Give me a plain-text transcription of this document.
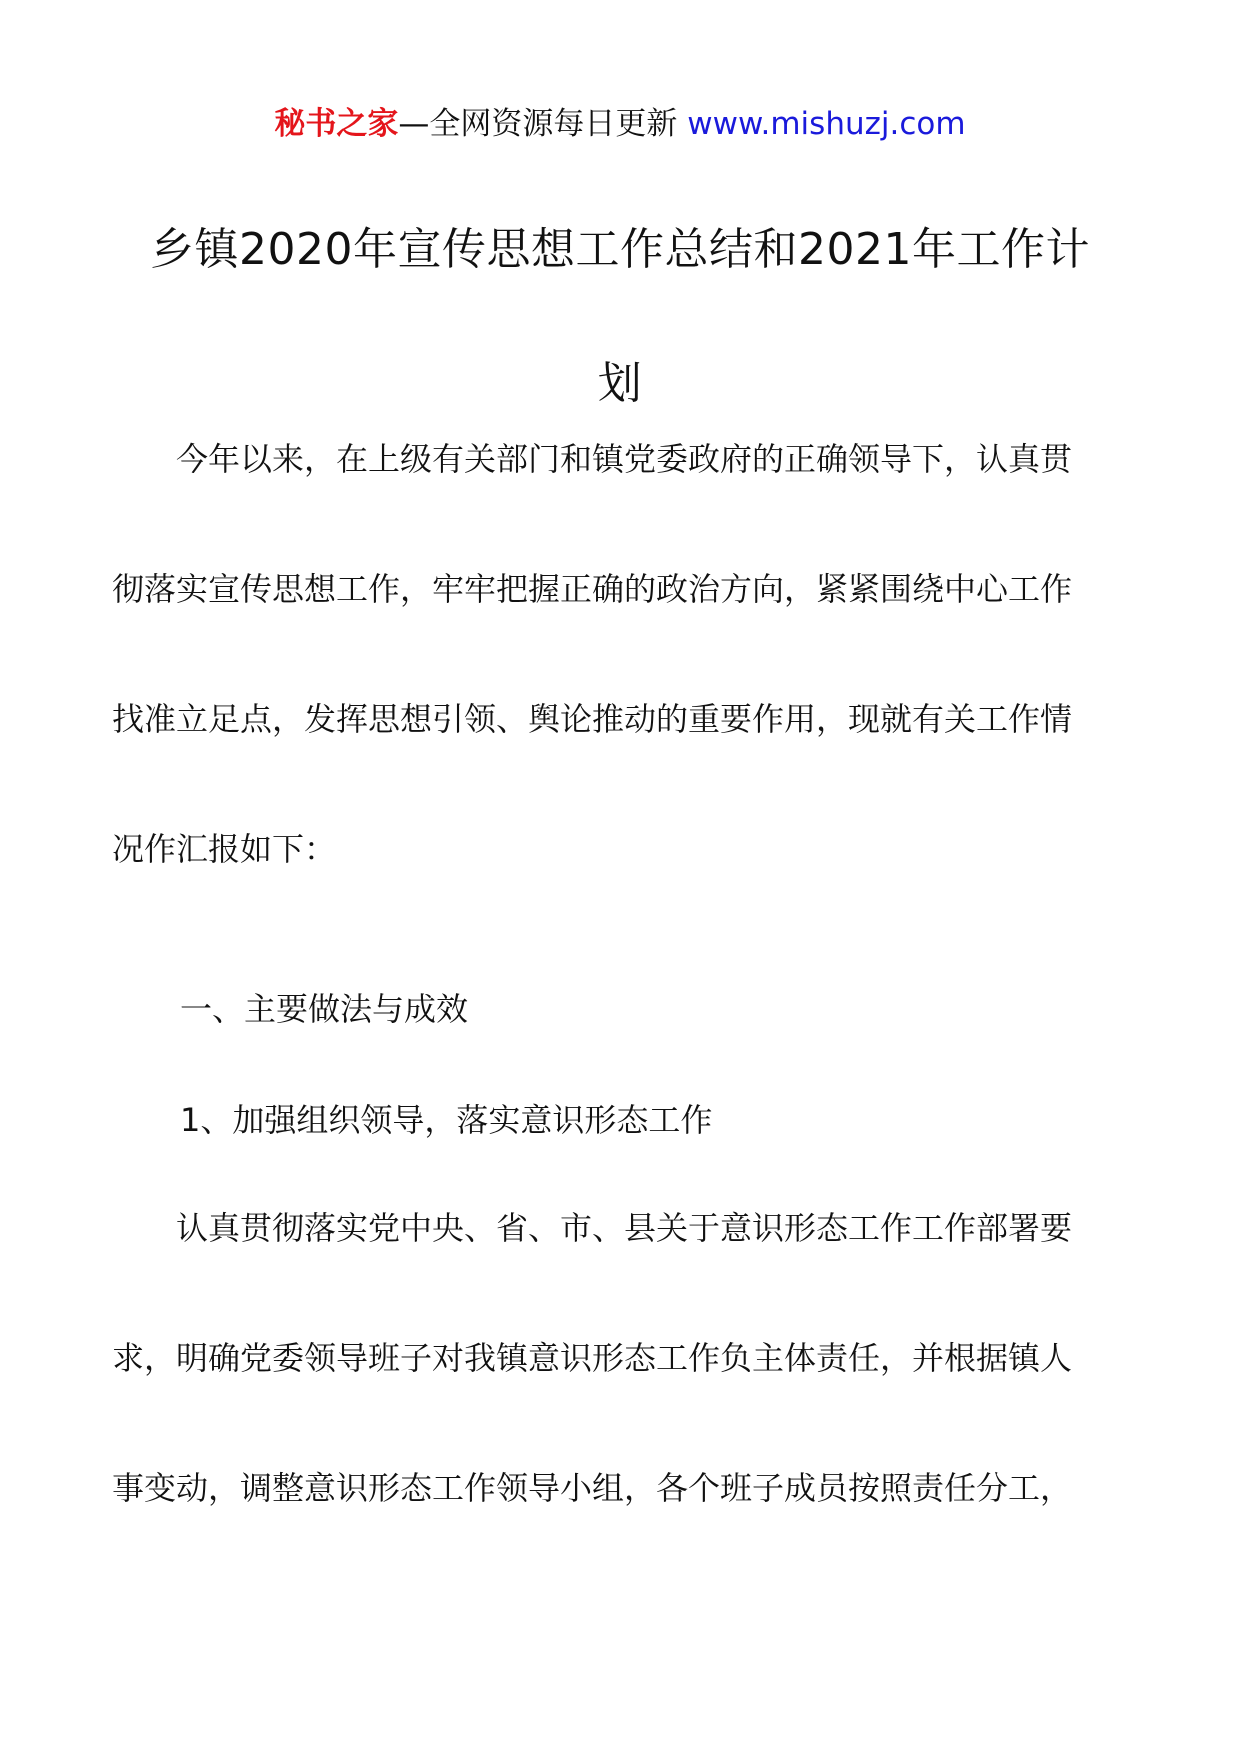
秘书之家—全网资源每日更新 www.mishuzj.com
乡镇2020年宣传思想工作总结和2021年工作计
划
　　今年以来，在上级有关部门和镇党委政府的正确领导下，认真贯
彻落实宣传思想工作，牢牢把握正确的政治方向，紧紧围绕中心工作
找准立足点，发挥思想引领、舆论推动的重要作用，现就有关工作情
况作汇报如下：
一、主要做法与成效
1、加强组织领导，落实意识形态工作
　　认真贯彻落实党中央、省、市、县关于意识形态工作工作部署要
求，明确党委领导班子对我镇意识形态工作负主体责任，并根据镇人
事变动，调整意识形态工作领导小组，各个班子成员按照责任分工，
